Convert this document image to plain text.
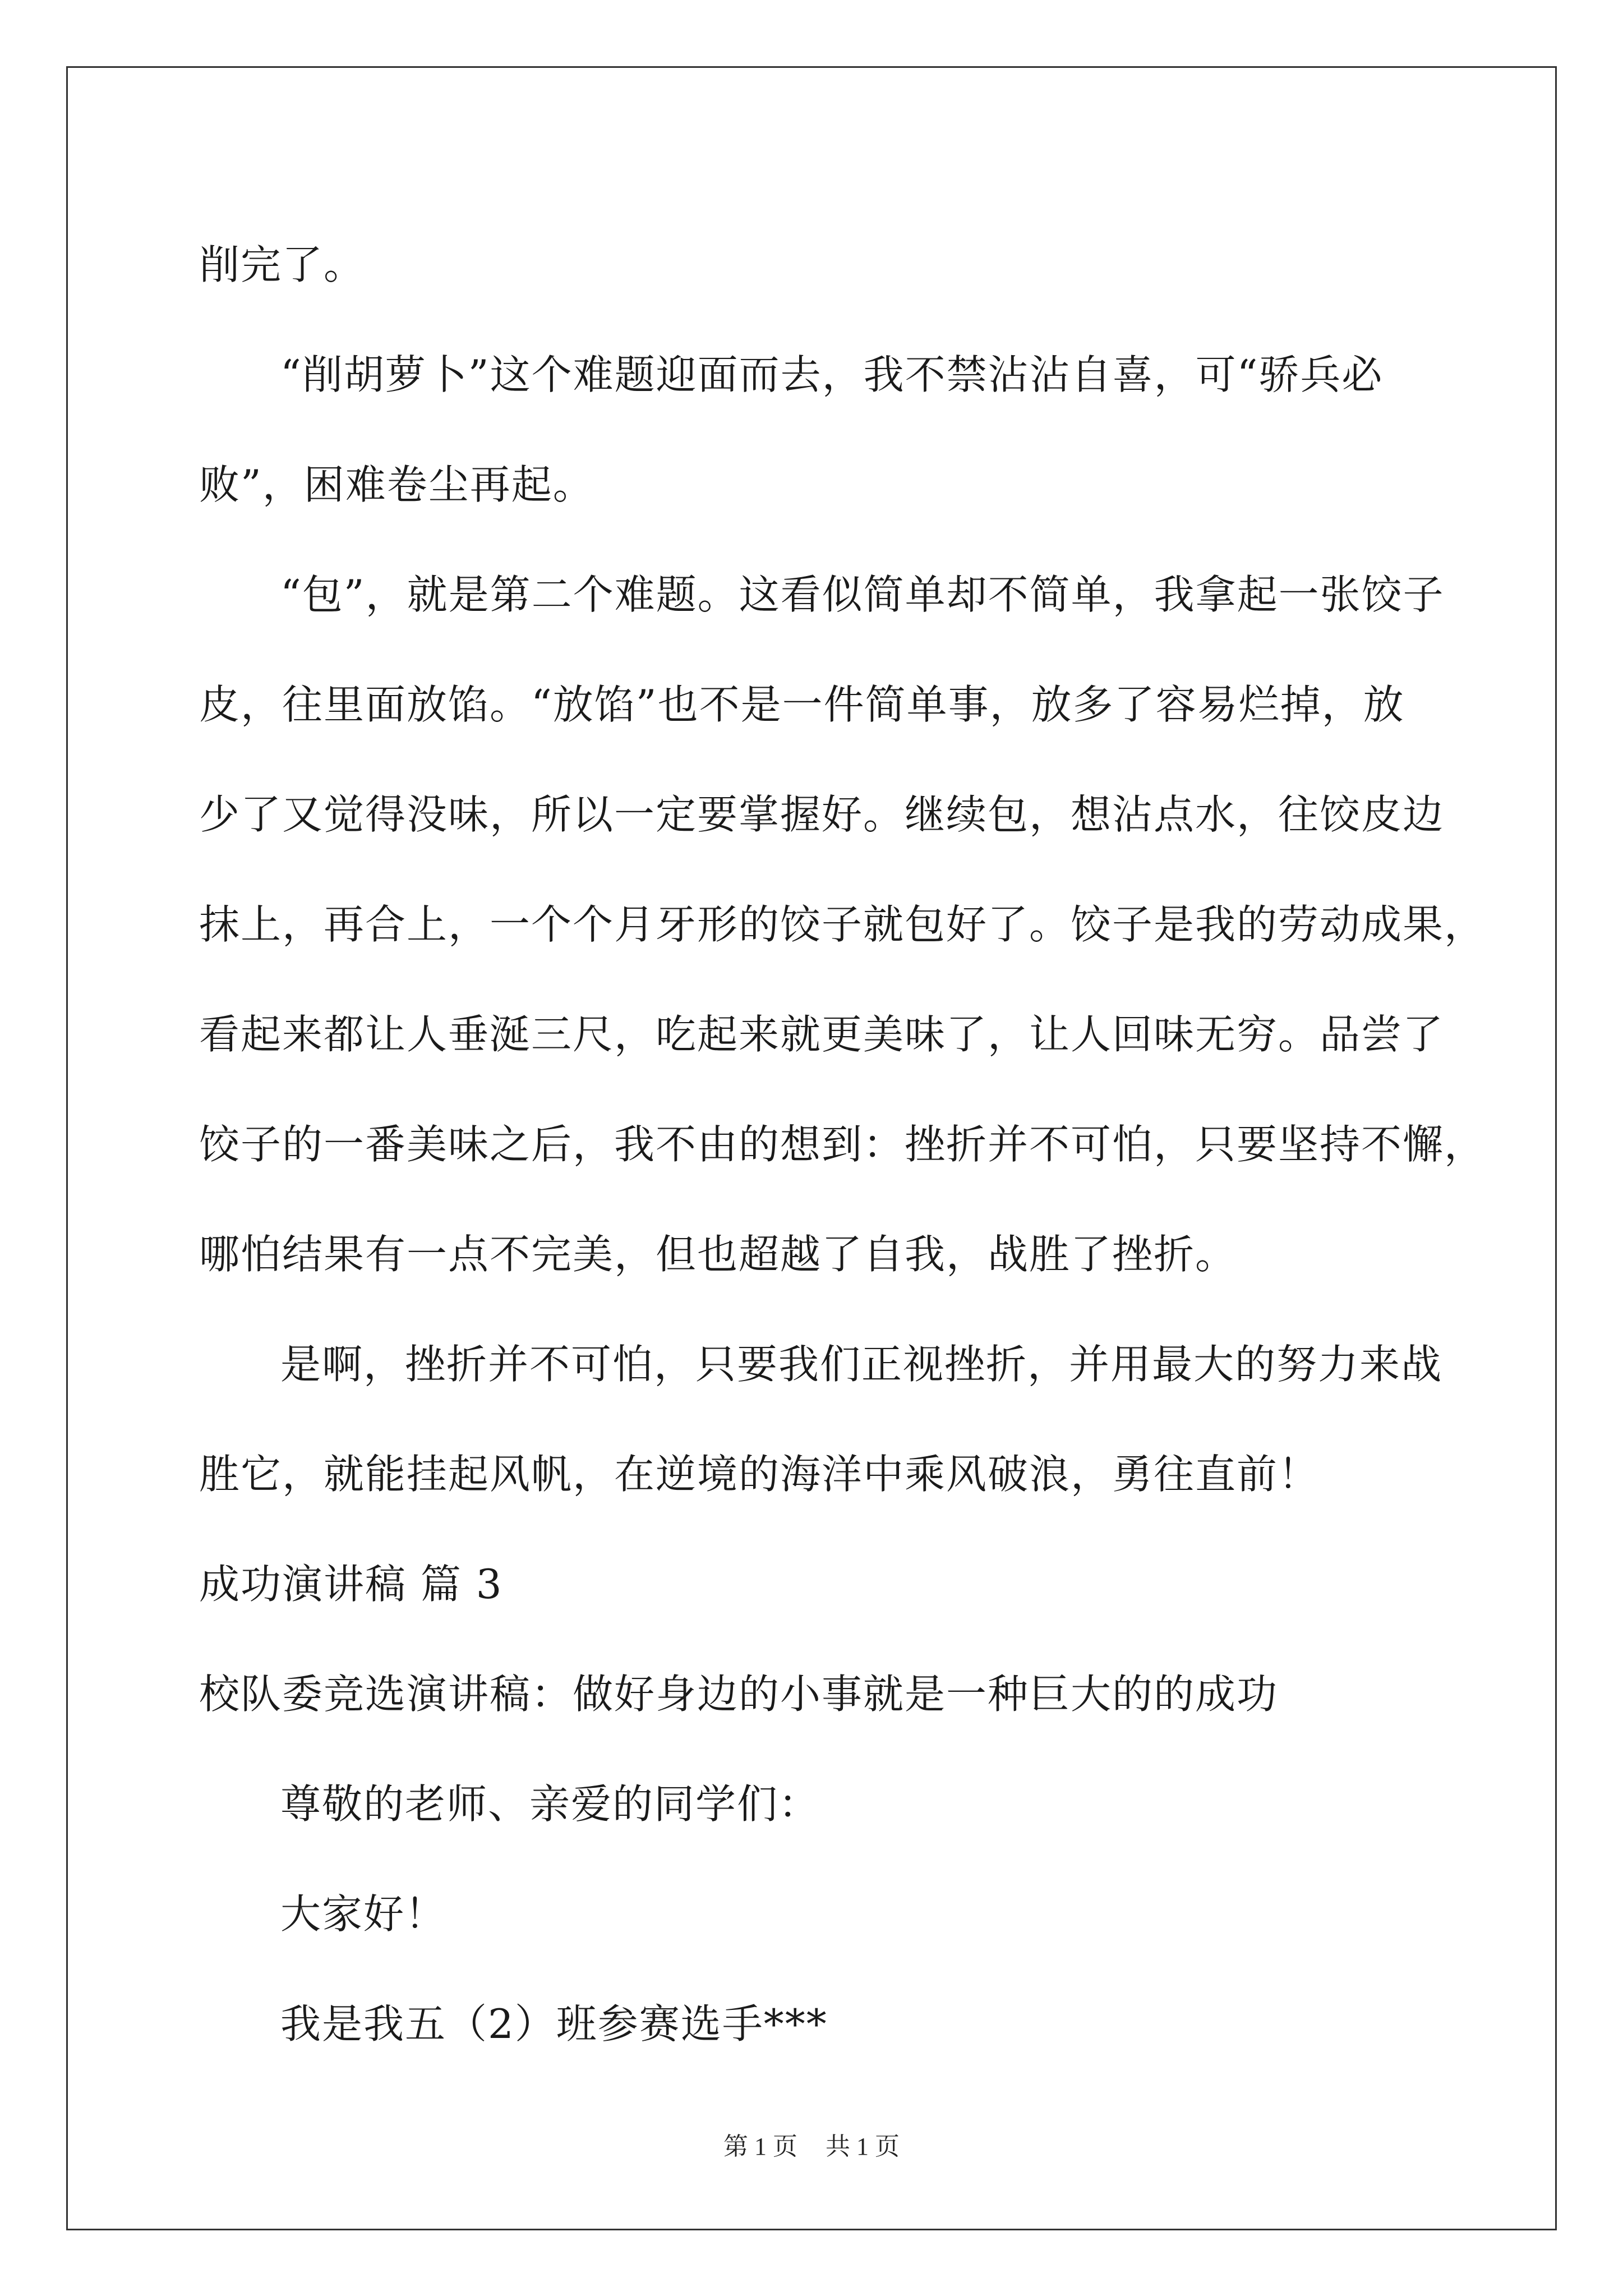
削完了。
“削胡萝卜”这个难题迎面而去，我不禁沾沾自喜，可“骄兵必
败”，困难卷尘再起。
“包”，就是第二个难题。这看似简单却不简单，我拿起一张饺子
皮，往里面放馅。“放馅”也不是一件简单事，放多了容易烂掉，放
少了又觉得没味，所以一定要掌握好。继续包，想沾点水，往饺皮边
抹上，再合上，一个个月牙形的饺子就包好了。饺子是我的劳动成果，
看起来都让人垂涎三尺，吃起来就更美味了，让人回味无穷。品尝了
饺子的一番美味之后，我不由的想到：挫折并不可怕，只要坚持不懈，
哪怕结果有一点不完美，但也超越了自我，战胜了挫折。
是啊，挫折并不可怕，只要我们正视挫折，并用最大的努力来战
胜它，就能挂起风帆，在逆境的海洋中乘风破浪，勇往直前！
成功演讲稿 篇 3
校队委竞选演讲稿：做好身边的小事就是一种巨大的的成功
尊敬的老师、亲爱的同学们：
大家好！
我是我五（2）班参赛选手***
第 1 页 共 1 页
